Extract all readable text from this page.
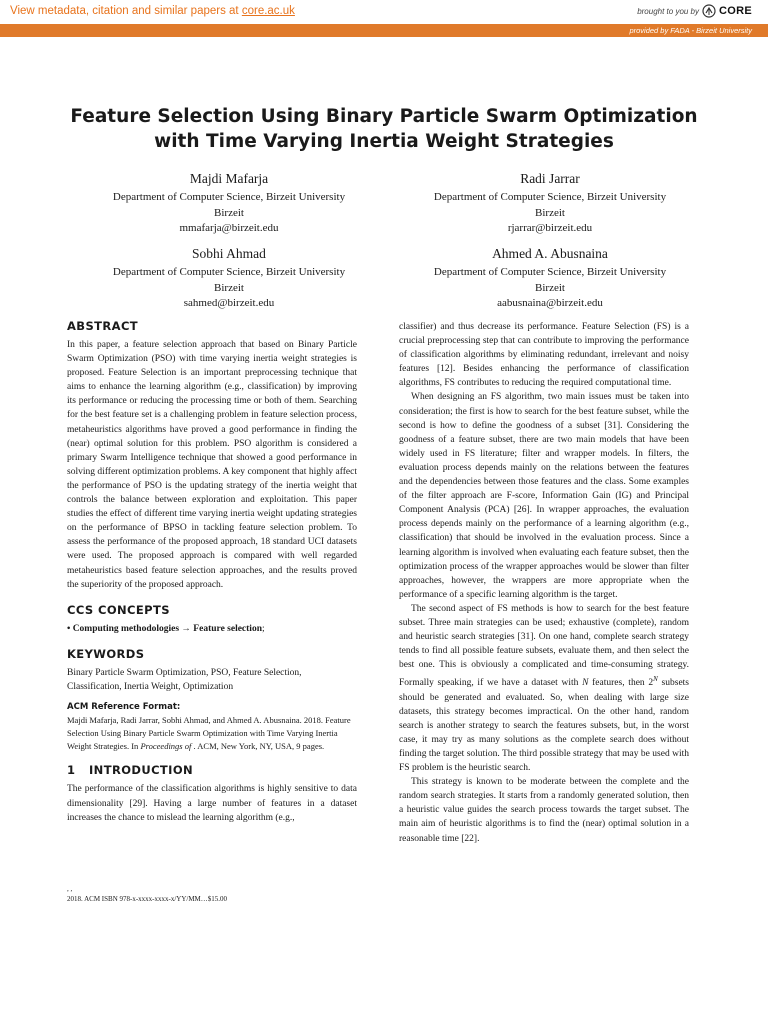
View metadata, citation and similar papers at core.ac.uk	brought to you by CORE
provided by FADA - Birzeit University
Feature Selection Using Binary Particle Swarm Optimization
with Time Varying Inertia Weight Strategies
Majdi Mafarja
Department of Computer Science, Birzeit University
Birzeit
mmafarja@birzeit.edu
Radi Jarrar
Department of Computer Science, Birzeit University
Birzeit
rjarrar@birzeit.edu
Sobhi Ahmad
Department of Computer Science, Birzeit University
Birzeit
sahmed@birzeit.edu
Ahmed A. Abusnaina
Department of Computer Science, Birzeit University
Birzeit
aabusnaina@birzeit.edu
ABSTRACT

In this paper, a feature selection approach that based on Binary Particle Swarm Optimization (PSO) with time varying inertia weight strategies is proposed. Feature Selection is an important preprocessing technique that aims to enhance the learning algorithm (e.g., classification) by improving its performance or reducing the processing time or both of them. Searching for the best feature set is a challenging problem in feature selection process, metaheuristics algorithms have proved a good performance in finding the (near) optimal solution for this problem. PSO algorithm is considered a primary Swarm Intelligence technique that showed a good performance in solving different optimization problems. A key component that highly affect the performance of PSO is the updating strategy of the inertia weight that controls the balance between exploration and exploitation. This paper studies the effect of different time varying inertia weight updating strategies on the performance of BPSO in tackling feature selection problem. To assess the performance of the proposed approach, 18 standard UCI datasets were used. The proposed approach is compared with well regarded metaheuristics based feature selection approaches, and the results proved the superiority of the proposed approach.

CCS CONCEPTS

• Computing methodologies → Feature selection;

KEYWORDS

Binary Particle Swarm Optimization, PSO, Feature Selection, Classification, Inertia Weight, Optimization

ACM Reference Format:

Majdi Mafarja, Radi Jarrar, Sobhi Ahmad, and Ahmed A. Abusnaina. 2018. Feature Selection Using Binary Particle Swarm Optimization with Time Varying Inertia Weight Strategies. In Proceedings of . ACM, New York, NY, USA, 9 pages.

1 INTRODUCTION

The performance of the classification algorithms is highly sensitive to data dimensionality [29]. Having a large number of features in a dataset increases the chance to mislead the learning algorithm (e.g.,

, ,
2018. ACM ISBN 978-x-xxxx-xxxx-x/YY/MM…$15.00

classifier) and thus decrease its performance. Feature Selection (FS) is a crucial preprocessing step that can contribute to improving the performance of classification algorithms by eliminating redundant, irrelevant and noisy features [12]. Besides enhancing the performance of classification algorithms, FS contributes to reducing the required computational time.

When designing an FS algorithm, two main issues must be taken into consideration; the first is how to search for the best feature subset, while the second is how to define the goodness of a subset [31]. Considering the goodness of a feature subset, there are two main models that have been widely used in FS literature; filter and wrapper models. In filters, the evaluation process depends mainly on the relations between the features and the dependencies between those features and the class. Some examples of the filter approach are F-score, Information Gain (IG) and Principal Component Analysis (PCA) [26]. In wrapper approaches, the evaluation process depends mainly on the performance of a learning algorithm (e.g., classification) that should be involved in the evaluation process. Since a learning algorithm is involved when evaluating each feature subset, then the optimization process of the wrapper approaches would be slower than filter approaches, however, the wrappers are more appropriate when the performance of a specific learning algorithm is the target.

The second aspect of FS methods is how to search for the best feature subset. Three main strategies can be used; exhaustive (complete), random and heuristic search strategies [31]. On one hand, complete search strategy tends to find all possible feature subsets, evaluate them, and then select the best one. This is obviously a complicated and time-consuming strategy. Formally speaking, if we have a dataset with N features, then $2^N$ subsets should be generated and evaluated. So, when dealing with large size datasets, this strategy becomes impractical. On the other hand, random search is another strategy to search the features subsets, but, in the worst case, it may try as many solutions as the complete search does without finding the target solution. The third possible strategy that may be used with FS problem is the heuristic search.

This strategy is known to be moderate between the complete and the random search strategies. It starts from a randomly generated solution, then a heuristic value guides the search process towards the target subset. The main aim of heuristic algorithms is to find the (near) optimal solution in a reasonable time [22].
